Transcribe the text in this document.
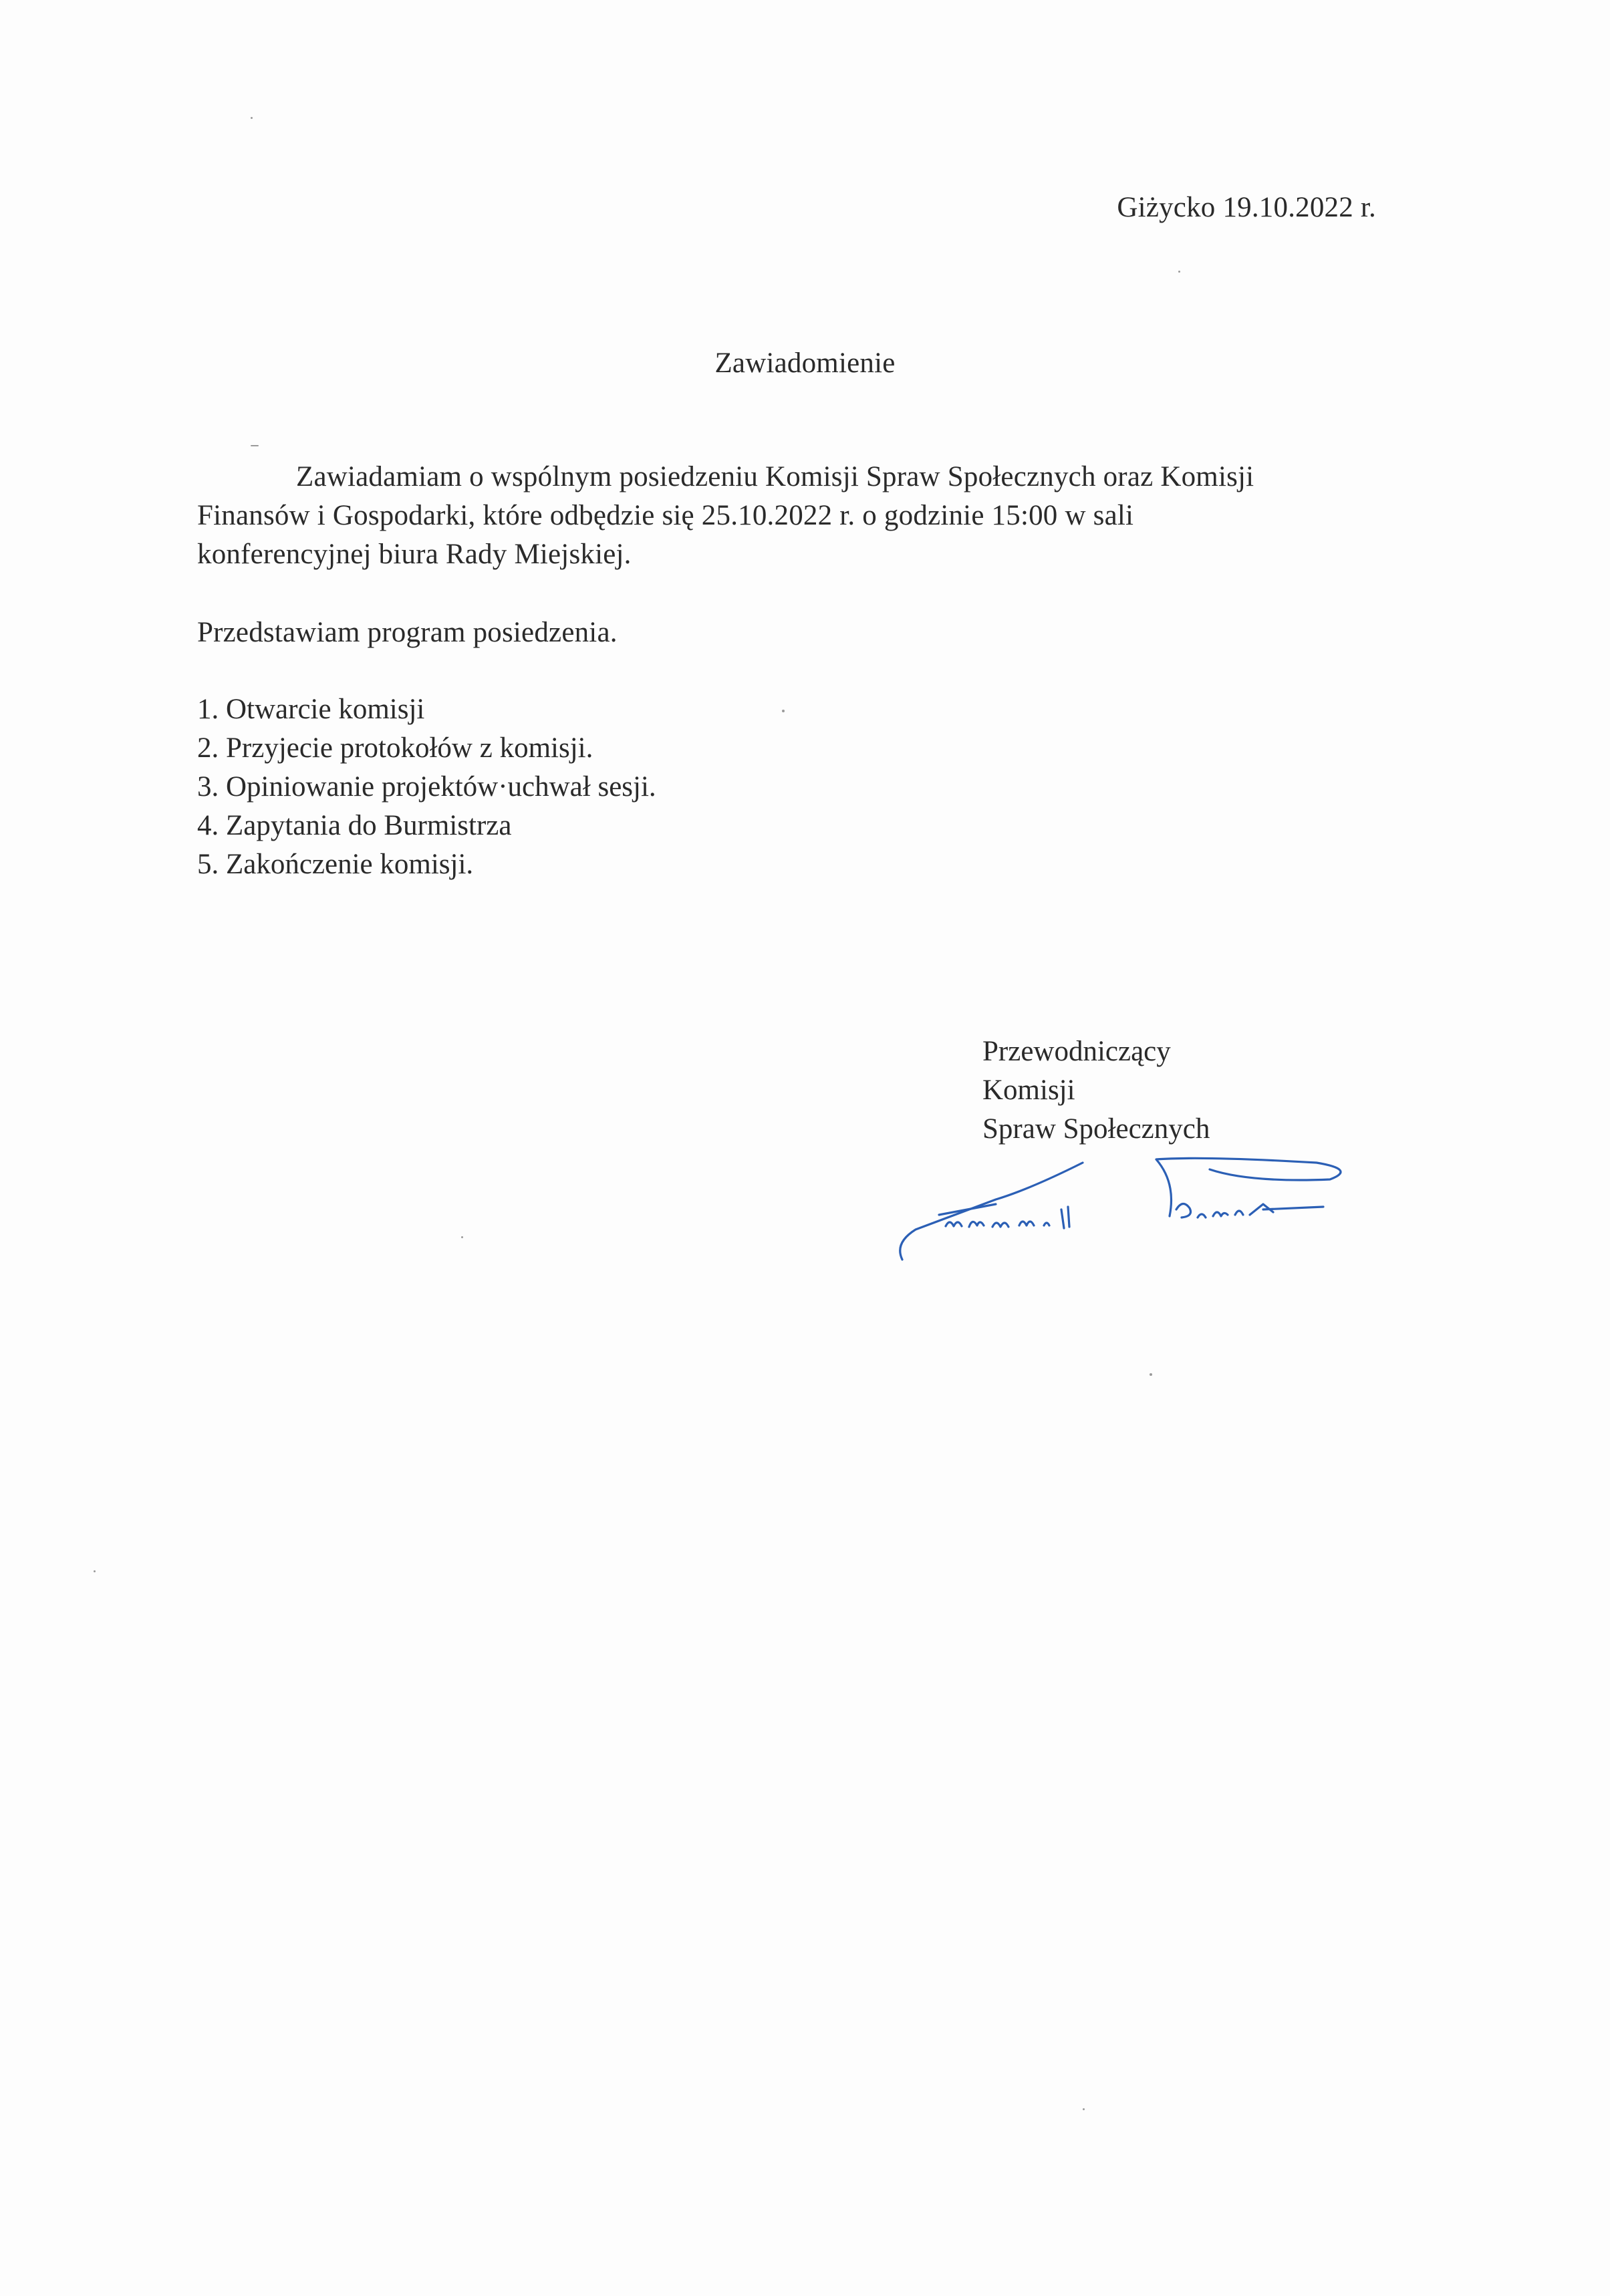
Giżycko 19.10.2022 r.
Zawiadomienie
Zawiadamiam o wspólnym posiedzeniu Komisji Spraw Społecznych oraz Komisji
Finansów i Gospodarki, które odbędzie się 25.10.2022 r. o godzinie 15:00 w sali
konferencyjnej biura Rady Miejskiej.
Przedstawiam program posiedzenia.
1. Otwarcie komisji
2. Przyjecie protokołów z komisji.
3. Opiniowanie projektów·uchwał sesji.
4. Zapytania do Burmistrza
5. Zakończenie komisji.
Przewodniczący
Komisji
Spraw Społecznych
